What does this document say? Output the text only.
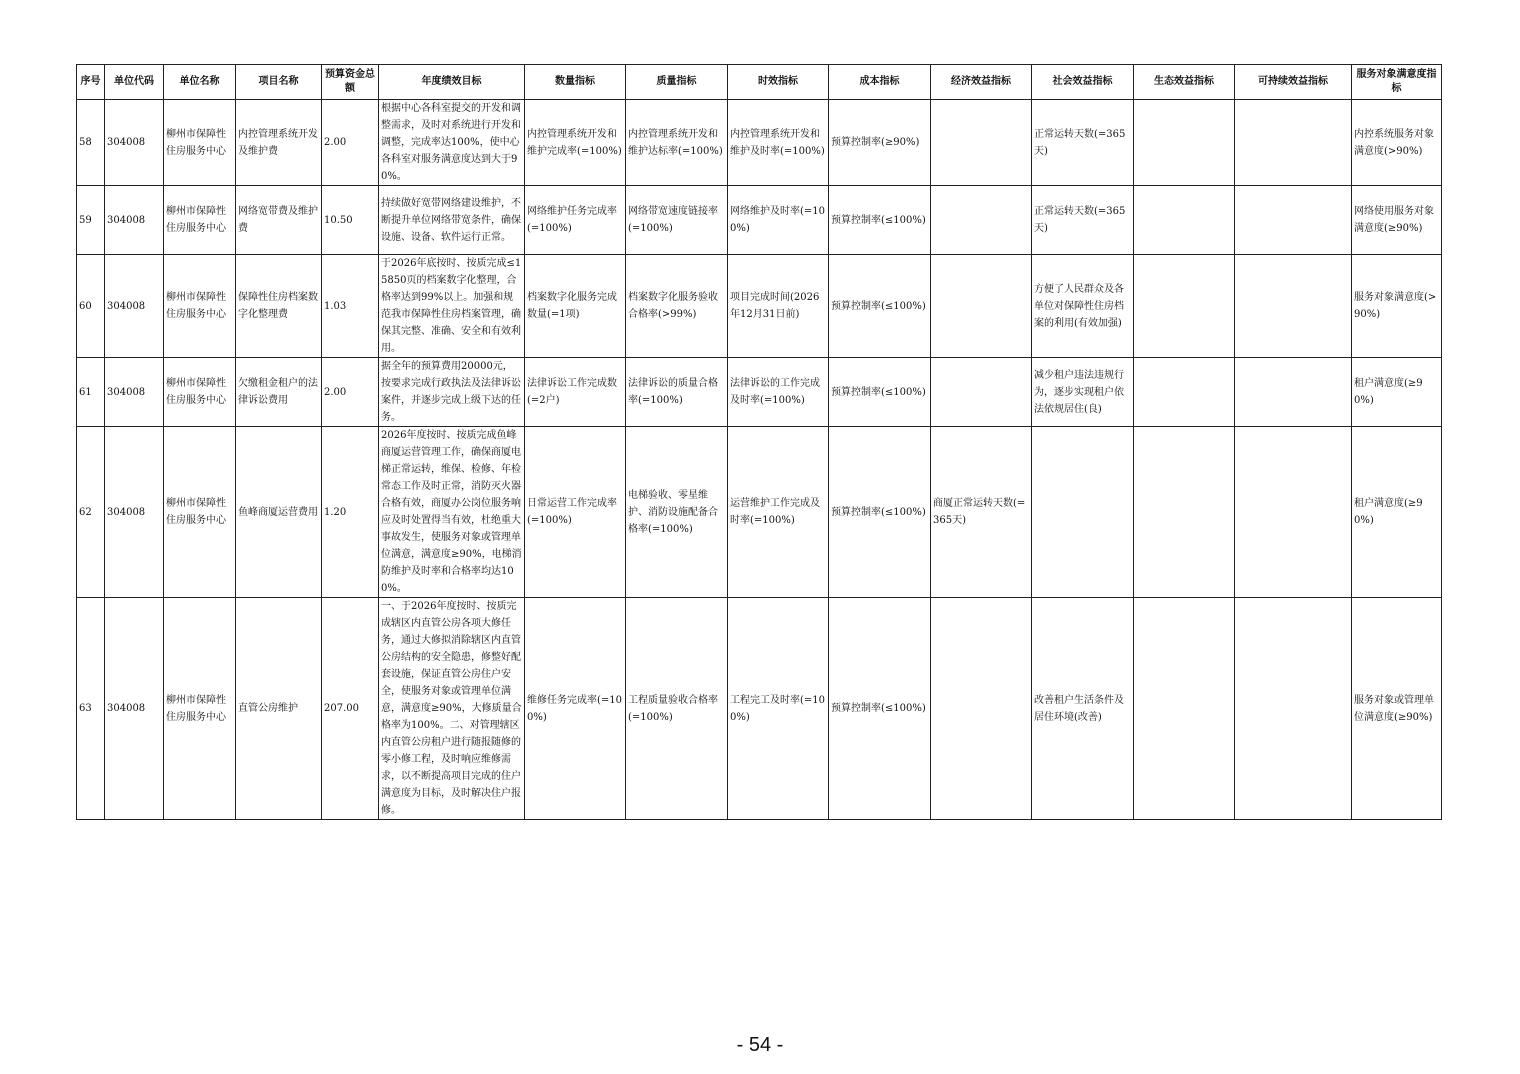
序号	单位代码	单位名称	项目名称	预算资金总额	年度绩效目标	数量指标	质量指标	时效指标	成本指标	经济效益指标	社会效益指标	生态效益指标	可持续效益指标	服务对象满意度指标
58	304008	柳州市保障性住房服务中心	内控管理系统开发及维护费	2.00	根据中心各科室提交的开发和调整需求，及时对系统进行开发和调整，完成率达100%，使中心各科室对服务满意度达到大于90%。	内控管理系统开发和维护完成率(=100%)	内控管理系统开发和维护达标率(=100%)	内控管理系统开发和维护及时率(=100%)	预算控制率(≥90%)		正常运转天数(=365天)			内控系统服务对象满意度(>90%)
59	304008	柳州市保障性住房服务中心	网络宽带费及维护费	10.50	持续做好宽带网络建设维护，不断提升单位网络带宽条件，确保设施、设备、软件运行正常。	网络维护任务完成率(=100%)	网络带宽速度链接率(=100%)	网络维护及时率(=100%)	预算控制率(≤100%)		正常运转天数(=365天)			网络使用服务对象满意度(≥90%)
60	304008	柳州市保障性住房服务中心	保障性住房档案数字化整理费	1.03	于2026年底按时、按质完成≤15850页的档案数字化整理，合格率达到99%以上。加强和规范我市保障性住房档案管理，确保其完整、准确、安全和有效利用。	档案数字化服务完成数量(=1项)	档案数字化服务验收合格率(>99%)	项目完成时间(2026年12月31日前)	预算控制率(≤100%)		方便了人民群众及各单位对保障性住房档案的利用(有效加强)			服务对象满意度(>90%)
61	304008	柳州市保障性住房服务中心	欠缴租金租户的法律诉讼费用	2.00	据全年的预算费用20000元，按要求完成行政执法及法律诉讼案件，并逐步完成上级下达的任务。	法律诉讼工作完成数(=2户)	法律诉讼的质量合格率(=100%)	法律诉讼的工作完成及时率(=100%)	预算控制率(≤100%)		减少租户违法违规行为，逐步实现租户依法依规居住(良)			租户满意度(≥90%)
62	304008	柳州市保障性住房服务中心	鱼峰商厦运营费用	1.20	2026年度按时、按质完成鱼峰商厦运营管理工作，确保商厦电梯正常运转，维保、检修、年检常态工作及时正常，消防灭火器合格有效，商厦办公岗位服务响应及时处置得当有效，杜绝重大事故发生，使服务对象或管理单位满意，满意度≥90%，电梯消防维护及时率和合格率均达100%。	日常运营工作完成率(=100%)	电梯验收、零星维护、消防设施配备合格率(=100%)	运营维护工作完成及时率(=100%)	预算控制率(≤100%)	商厦正常运转天数(=365天)				租户满意度(≥90%)
63	304008	柳州市保障性住房服务中心	直管公房维护	207.00	一、于2026年度按时、按质完成辖区内直管公房各项大修任务，通过大修拟消除辖区内直管公房结构的安全隐患，修整好配套设施，保证直管公房住户安全，使服务对象或管理单位满意，满意度≥90%，大修质量合格率为100%。二、对管理辖区内直管公房租户进行随报随修的零小修工程，及时响应维修需求，以不断提高项目完成的住户满意度为目标，及时解决住户报修。	维修任务完成率(=100%)	工程质量验收合格率(=100%)	工程完工及时率(=100%)	预算控制率(≤100%)		改善租户生活条件及居住环境(改善)			服务对象或管理单位满意度(≥90%)
- 54 -
